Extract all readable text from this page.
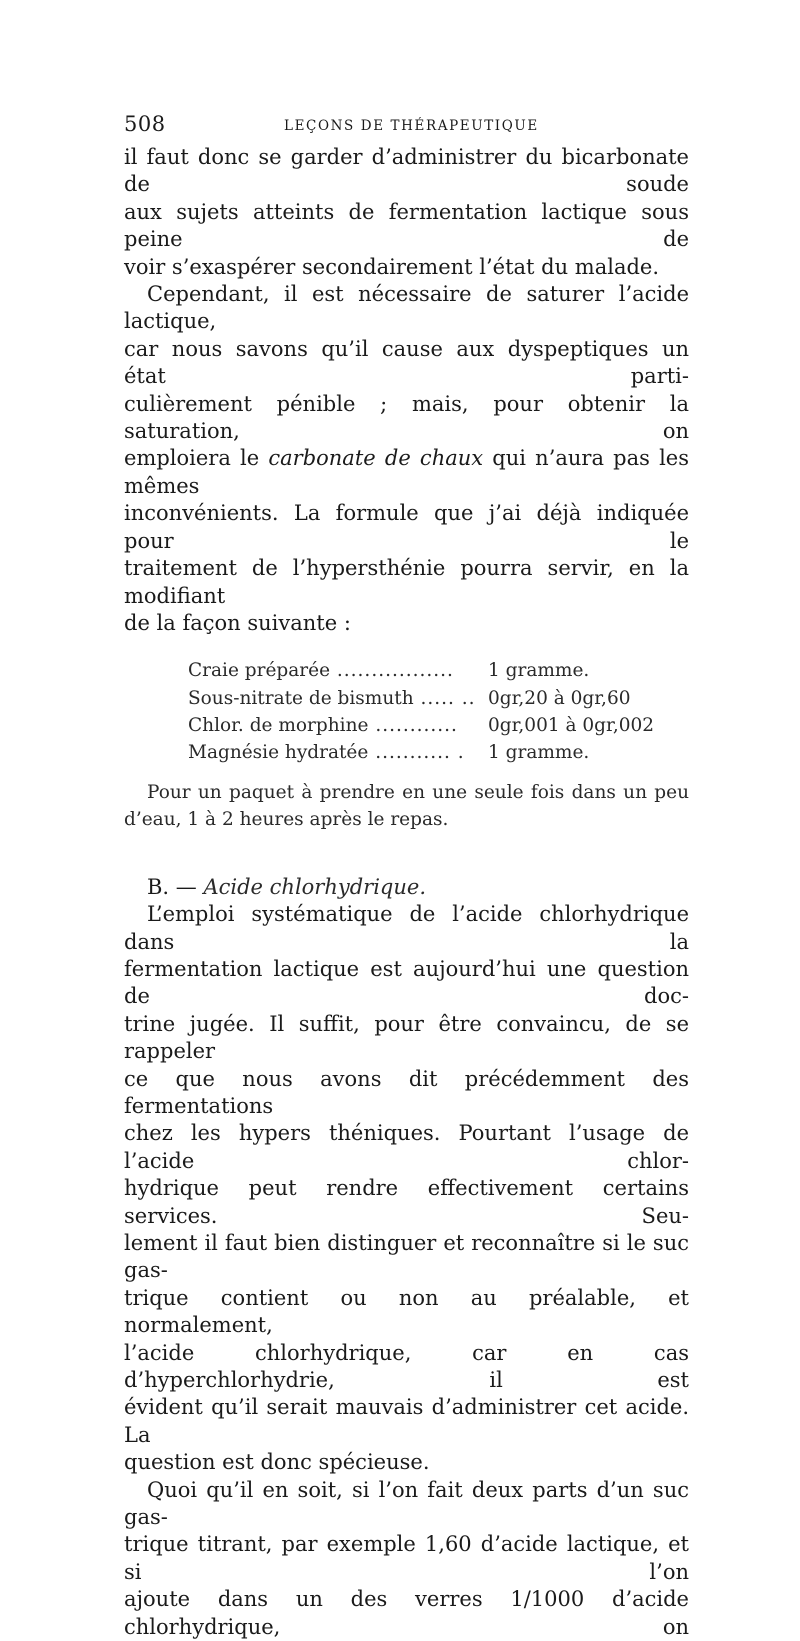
508	LEÇONS DE THÉRAPEUTIQUE
il faut donc se garder d’administrer du bicarbonate de soude
aux sujets atteints de fermentation lactique sous peine de
voir s’exaspérer secondairement l’état du malade.
Cependant, il est nécessaire de saturer l’acide lactique,
car nous savons qu’il cause aux dyspeptiques un état parti-
culièrement pénible ; mais, pour obtenir la saturation, on
emploiera le carbonate de chaux qui n’aura pas les mêmes
inconvénients. La formule que j’ai déjà indiquée pour le
traitement de l’hypersthénie pourra servir, en la modifiant
de la façon suivante :
Craie préparée .................	1 gramme.
Sous-nitrate de bismuth ..... .. 0gr,20 à 0gr,60
Chlor. de morphine ............	0gr,001 à 0gr,002
Magnésie hydratée ........... .	1 gramme.
Pour un paquet à prendre en une seule fois dans un peu
d’eau, 1 à 2 heures après le repas.
B. — Acide chlorhydrique.
L’emploi systématique de l’acide chlorhydrique dans la
fermentation lactique est aujourd’hui une question de doc-
trine jugée. Il suffit, pour être convaincu, de se rappeler
ce que nous avons dit précédemment des fermentations
chez les hypers théniques. Pourtant l’usage de l’acide chlor-
hydrique peut rendre effectivement certains services. Seu-
lement il faut bien distinguer et reconnaître si le suc gas-
trique contient ou non au préalable, et normalement,
l’acide chlorhydrique, car en cas d’hyperchlorhydrie, il est
évident qu’il serait mauvais d’administrer cet acide. La
question est donc spécieuse.
Quoi qu’il en soit, si l’on fait deux parts d’un suc gas-
trique titrant, par exemple 1,60 d’acide lactique, et si l’on
ajoute dans un des verres 1/1000 d’acide chlorhydrique, on
